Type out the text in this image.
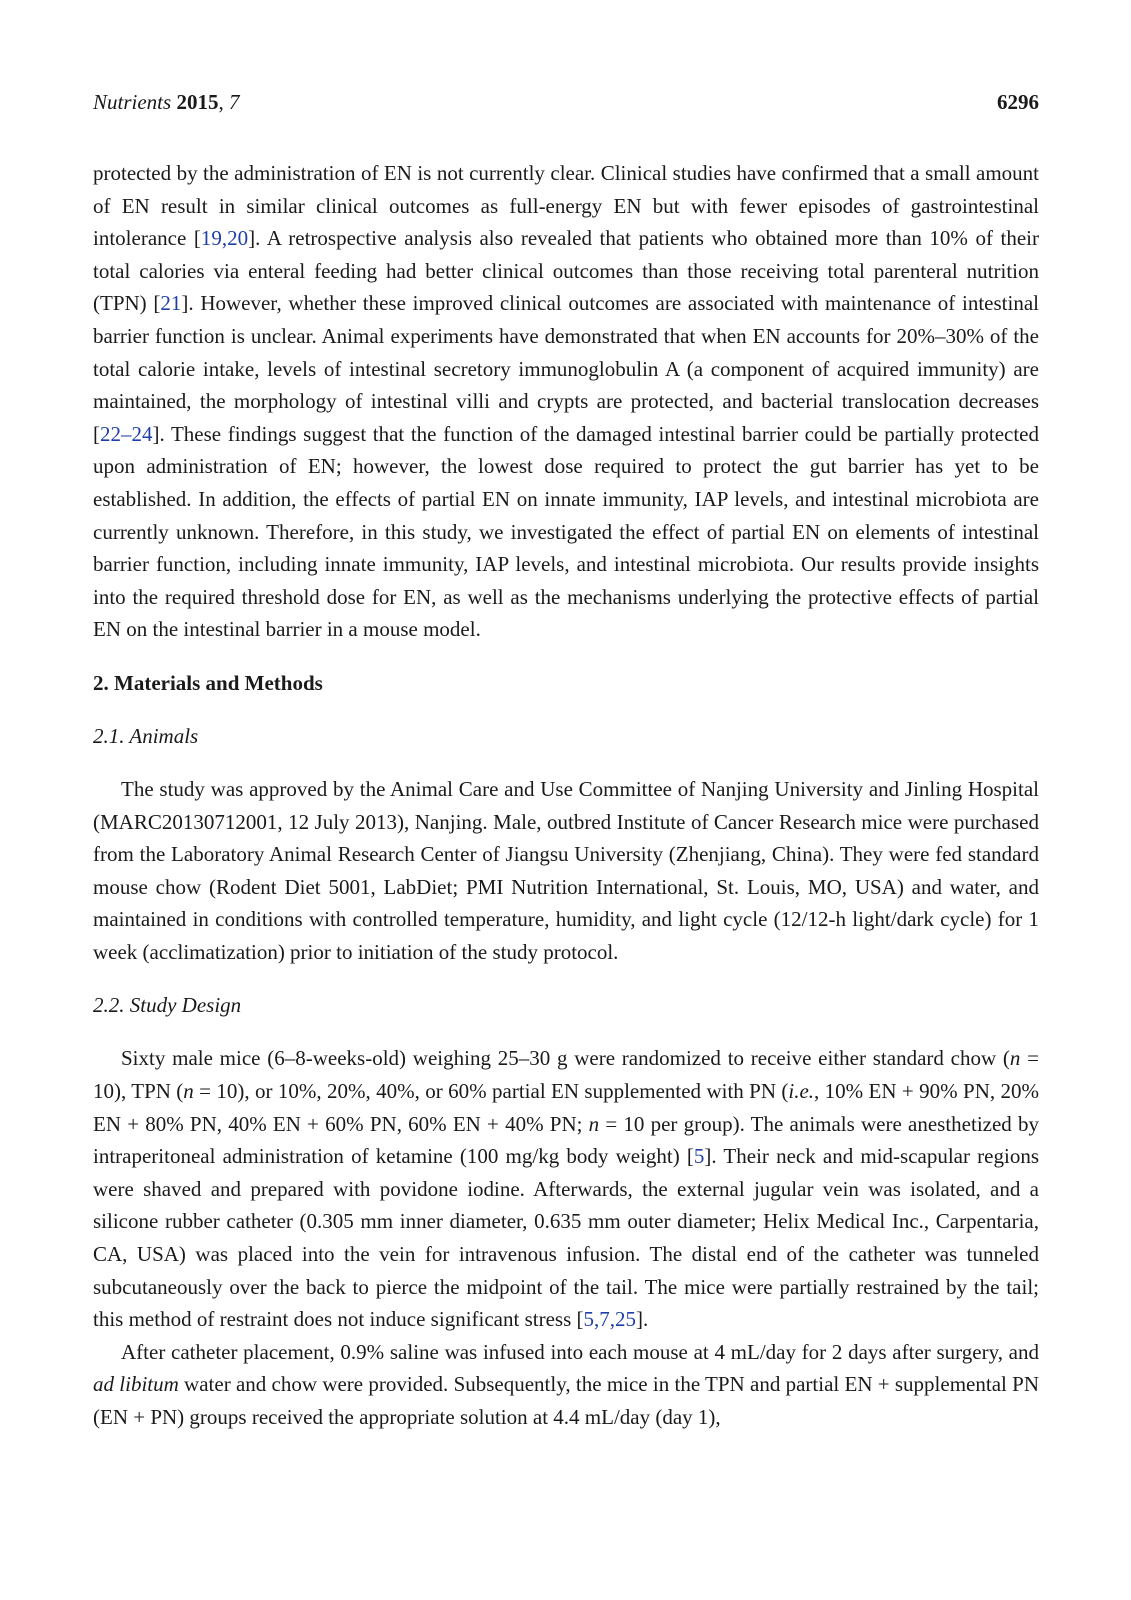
Nutrients 2015, 7	6296

protected by the administration of EN is not currently clear. Clinical studies have confirmed that a small amount of EN result in similar clinical outcomes as full-energy EN but with fewer episodes of gastrointestinal intolerance [19,20]. A retrospective analysis also revealed that patients who obtained more than 10% of their total calories via enteral feeding had better clinical outcomes than those receiving total parenteral nutrition (TPN) [21]. However, whether these improved clinical outcomes are associated with maintenance of intestinal barrier function is unclear. Animal experiments have demonstrated that when EN accounts for 20%–30% of the total calorie intake, levels of intestinal secretory immunoglobulin A (a component of acquired immunity) are maintained, the morphology of intestinal villi and crypts are protected, and bacterial translocation decreases [22–24]. These findings suggest that the function of the damaged intestinal barrier could be partially protected upon administration of EN; however, the lowest dose required to protect the gut barrier has yet to be established. In addition, the effects of partial EN on innate immunity, IAP levels, and intestinal microbiota are currently unknown. Therefore, in this study, we investigated the effect of partial EN on elements of intestinal barrier function, including innate immunity, IAP levels, and intestinal microbiota. Our results provide insights into the required threshold dose for EN, as well as the mechanisms underlying the protective effects of partial EN on the intestinal barrier in a mouse model.

2. Materials and Methods
2.1. Animals

The study was approved by the Animal Care and Use Committee of Nanjing University and Jinling Hospital (MARC20130712001, 12 July 2013), Nanjing. Male, outbred Institute of Cancer Research mice were purchased from the Laboratory Animal Research Center of Jiangsu University (Zhenjiang, China). They were fed standard mouse chow (Rodent Diet 5001, LabDiet; PMI Nutrition International, St. Louis, MO, USA) and water, and maintained in conditions with controlled temperature, humidity, and light cycle (12/12-h light/dark cycle) for 1 week (acclimatization) prior to initiation of the study protocol.

2.2. Study Design

Sixty male mice (6–8-weeks-old) weighing 25–30 g were randomized to receive either standard chow (n = 10), TPN (n = 10), or 10%, 20%, 40%, or 60% partial EN supplemented with PN (i.e., 10% EN + 90% PN, 20% EN + 80% PN, 40% EN + 60% PN, 60% EN + 40% PN; n = 10 per group). The animals were anesthetized by intraperitoneal administration of ketamine (100 mg/kg body weight) [5]. Their neck and mid-scapular regions were shaved and prepared with povidone iodine. Afterwards, the external jugular vein was isolated, and a silicone rubber catheter (0.305 mm inner diameter, 0.635 mm outer diameter; Helix Medical Inc., Carpentaria, CA, USA) was placed into the vein for intravenous infusion. The distal end of the catheter was tunneled subcutaneously over the back to pierce the midpoint of the tail. The mice were partially restrained by the tail; this method of restraint does not induce significant stress [5,7,25].

After catheter placement, 0.9% saline was infused into each mouse at 4 mL/day for 2 days after surgery, and ad libitum water and chow were provided. Subsequently, the mice in the TPN and partial EN + supplemental PN (EN + PN) groups received the appropriate solution at 4.4 mL/day (day 1),
